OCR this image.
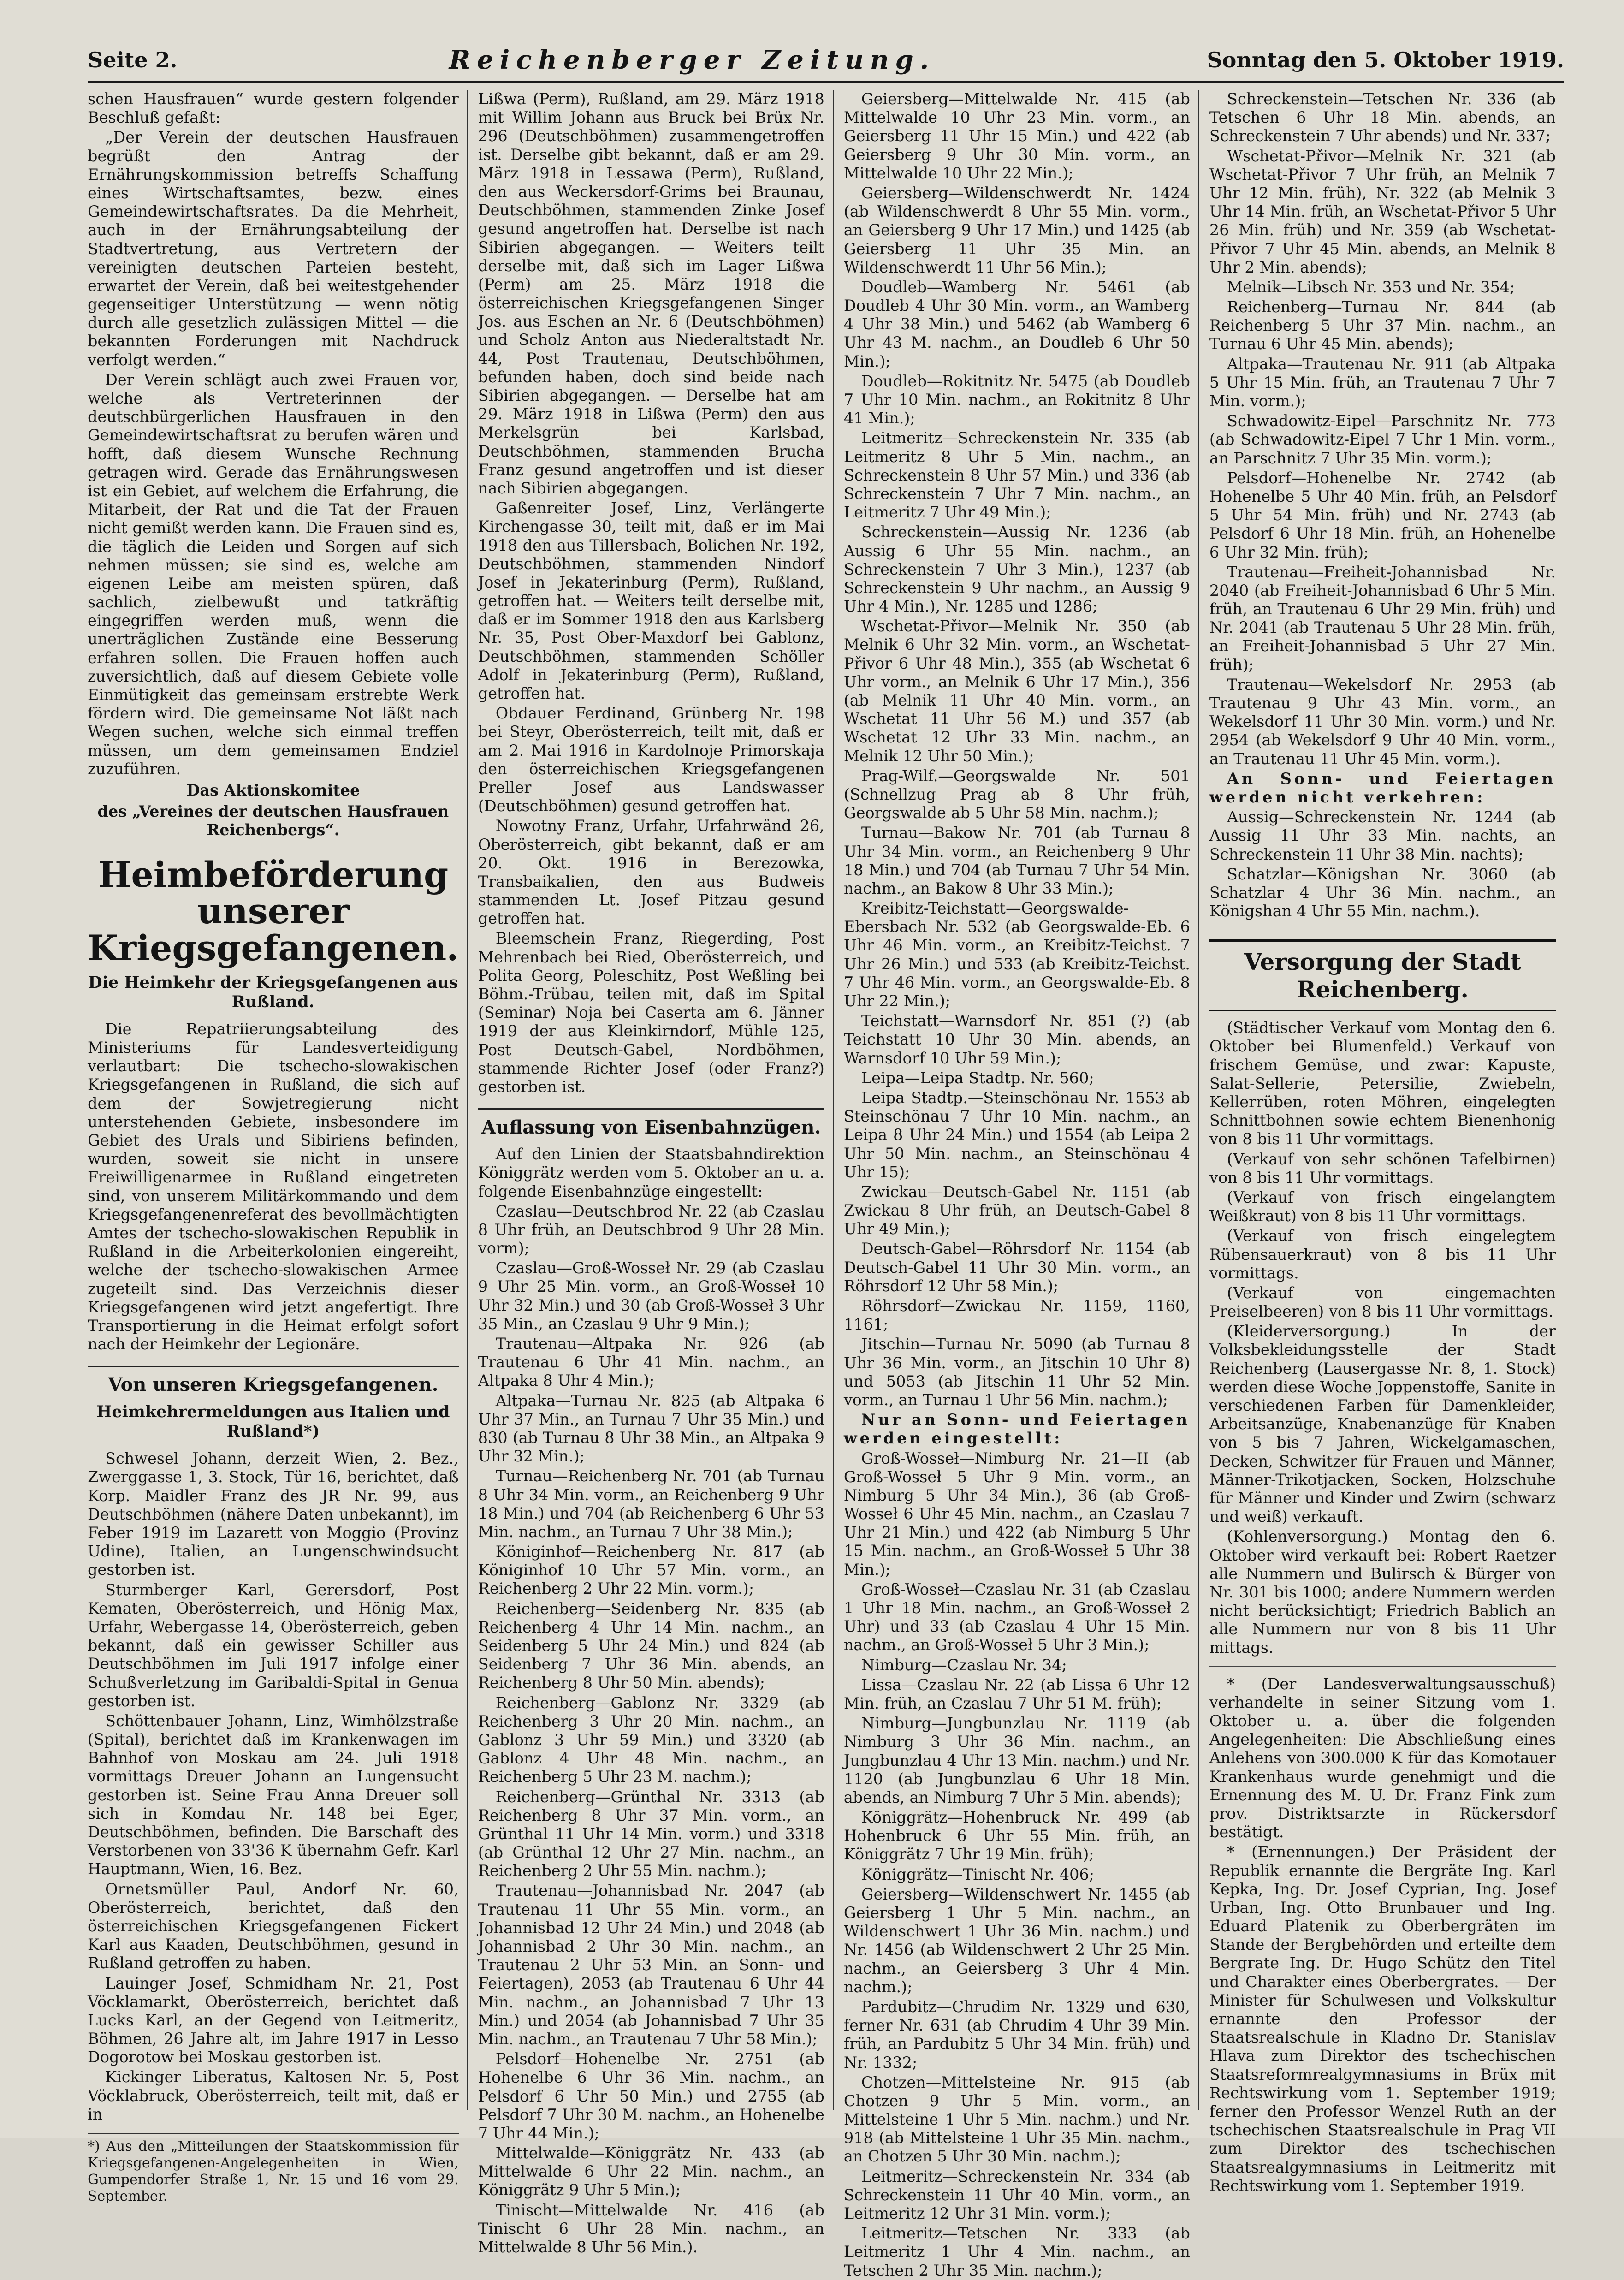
Seite 2.	Reichenberger Zeitung.	Sonntag den 5. Oktober 1919.

schen Hausfrauen“ wurde gestern folgender Beschluß gefaßt:

„Der Verein der deutschen Hausfrauen begrüßt den Antrag der Ernährungskommission betreffs Schaffung eines Wirtschaftsamtes, bezw. eines Gemeindewirtschaftsrates. Da die Mehrheit, auch in der Ernährungsabteilung der Stadtvertretung, aus Vertretern der vereinigten deutschen Parteien besteht, erwartet der Verein, daß bei weitestgehender gegenseitiger Unterstützung — wenn nötig durch alle gesetzlich zulässigen Mittel — die bekannten Forderungen mit Nachdruck verfolgt werden.“

Der Verein schlägt auch zwei Frauen vor, welche als Vertreterinnen der deutschbürgerlichen Hausfrauen in den Gemeindewirtschaftsrat zu berufen wären und hofft, daß diesem Wunsche Rechnung getragen wird. Gerade das Ernährungswesen ist ein Gebiet, auf welchem die Erfahrung, die Mitarbeit, der Rat und die Tat der Frauen nicht gemißt werden kann. Die Frauen sind es, die täglich die Leiden und Sorgen auf sich nehmen müssen; sie sind es, welche am eigenen Leibe am meisten spüren, daß sachlich, zielbewußt und tatkräftig eingegriffen werden muß, wenn die unerträglichen Zustände eine Besserung erfahren sollen. Die Frauen hoffen auch zuversichtlich, daß auf diesem Gebiete volle Einmütigkeit das gemeinsam erstrebte Werk fördern wird. Die gemeinsame Not läßt nach Wegen suchen, welche sich einmal treffen müssen, um dem gemeinsamen Endziel zuzuführen.

Das Aktionskomitee
des „Vereines der deutschen Hausfrauen Reichenbergs“.
Heimbeförderung unserer Kriegsgefangenen.
Die Heimkehr der Kriegsgefangenen aus Rußland.

Die Repatriierungsabteilung des Ministeriums für Landesverteidigung verlautbart: Die tschecho-slowakischen Kriegsgefangenen in Rußland, die sich auf dem der Sowjetregierung nicht unterstehenden Gebiete, insbesondere im Gebiet des Urals und Sibiriens befinden, wurden, soweit sie nicht in unsere Freiwilligenarmee in Rußland eingetreten sind, von unserem Militärkommando und dem Kriegsgefangenenreferat des bevollmächtigten Amtes der tschecho-slowakischen Republik in Rußland in die Arbeiterkolonien eingereiht, welche der tschecho-slowakischen Armee zugeteilt sind. Das Verzeichnis dieser Kriegsgefangenen wird jetzt angefertigt. Ihre Transportierung in die Heimat erfolgt sofort nach der Heimkehr der Legionäre.

Von unseren Kriegsgefangenen.
Heimkehrermeldungen aus Italien und Rußland*)

Schwesel Johann, derzeit Wien, 2. Bez., Zwerggasse 1, 3. Stock, Tür 16, berichtet, daß Korp. Maidler Franz des JR Nr. 99, aus Deutschböhmen (nähere Daten unbekannt), im Feber 1919 im Lazarett von Moggio (Provinz Udine), Italien, an Lungenschwindsucht gestorben ist.

Sturmberger Karl, Gerersdorf, Post Kematen, Oberösterreich, und Hönig Max, Urfahr, Webergasse 14, Oberösterreich, geben bekannt, daß ein gewisser Schiller aus Deutschböhmen im Juli 1917 infolge einer Schußverletzung im Garibaldi-Spital in Genua gestorben ist.

Schöttenbauer Johann, Linz, Wimhölzstraße (Spital), berichtet daß im Krankenwagen im Bahnhof von Moskau am 24. Juli 1918 vormittags Dreuer Johann an Lungensucht gestorben ist. Seine Frau Anna Dreuer soll sich in Komdau Nr. 148 bei Eger, Deutschböhmen, befinden. Die Barschaft des Verstorbenen von 33'36 K übernahm Gefr. Karl Hauptmann, Wien, 16. Bez.

Ornetsmüller Paul, Andorf Nr. 60, Oberösterreich, berichtet, daß den österreichischen Kriegsgefangenen Fickert Karl aus Kaaden, Deutschböhmen, gesund in Rußland getroffen zu haben.

Lauinger Josef, Schmidham Nr. 21, Post Vöcklamarkt, Oberösterreich, berichtet daß Lucks Karl, an der Gegend von Leitmeritz, Böhmen, 26 Jahre alt, im Jahre 1917 in Lesso Dogorotow bei Moskau gestorben ist.

Kickinger Liberatus, Kaltosen Nr. 5, Post Vöcklabruck, Oberösterreich, teilt mit, daß er in

*) Aus den „Mitteilungen der Staatskommission für Kriegsgefangenen-Angelegenheiten in Wien, Gumpendorfer Straße 1, Nr. 15 und 16 vom 29. September.

Lißwa (Perm), Rußland, am 29. März 1918 mit Willim Johann aus Bruck bei Brüx Nr. 296 (Deutschböhmen) zusammengetroffen ist. Derselbe gibt bekannt, daß er am 29. März 1918 in Lessawa (Perm), Rußland, den aus Weckersdorf-Grims bei Braunau, Deutschböhmen, stammenden Zinke Josef gesund angetroffen hat. Derselbe ist nach Sibirien abgegangen. — Weiters teilt derselbe mit, daß sich im Lager Lißwa (Perm) am 25. März 1918 die österreichischen Kriegsgefangenen Singer Jos. aus Eschen an Nr. 6 (Deutschböhmen) und Scholz Anton aus Niederaltstadt Nr. 44, Post Trautenau, Deutschböhmen, befunden haben, doch sind beide nach Sibirien abgegangen. — Derselbe hat am 29. März 1918 in Lißwa (Perm) den aus Merkelsgrün bei Karlsbad, Deutschböhmen, stammenden Brucha Franz gesund angetroffen und ist dieser nach Sibirien abgegangen.

Gaßenreiter Josef, Linz, Verlängerte Kirchengasse 30, teilt mit, daß er im Mai 1918 den aus Tillersbach, Bolichen Nr. 192, Deutschböhmen, stammenden Nindorf Josef in Jekaterinburg (Perm), Rußland, getroffen hat. — Weiters teilt derselbe mit, daß er im Sommer 1918 den aus Karlsberg Nr. 35, Post Ober-Maxdorf bei Gablonz, Deutschböhmen, stammenden Schöller Adolf in Jekaterinburg (Perm), Rußland, getroffen hat.

Obdauer Ferdinand, Grünberg Nr. 198 bei Steyr, Oberösterreich, teilt mit, daß er am 2. Mai 1916 in Kardolnoje Primorskaja den österreichischen Kriegsgefangenen Preller Josef aus Landswasser (Deutschböhmen) gesund getroffen hat.

Nowotny Franz, Urfahr, Urfahrwänd 26, Oberösterreich, gibt bekannt, daß er am 20. Okt. 1916 in Berezowka, Transbaikalien, den aus Budweis stammenden Lt. Josef Pitzau gesund getroffen hat.

Bleemschein Franz, Riegerding, Post Mehrenbach bei Ried, Oberösterreich, und Polita Georg, Poleschitz, Post Weßling bei Böhm.-Trübau, teilen mit, daß im Spital (Seminar) Noja bei Caserta am 6. Jänner 1919 der aus Kleinkirndorf, Mühle 125, Post Deutsch-Gabel, Nordböhmen, stammende Richter Josef (oder Franz?) gestorben ist.

Auflassung von Eisenbahnzügen.

Auf den Linien der Staatsbahndirektion Königgrätz werden vom 5. Oktober an u. a. folgende Eisenbahnzüge eingestellt:

Czaslau—Deutschbrod Nr. 22 (ab Czaslau 8 Uhr früh, an Deutschbrod 9 Uhr 28 Min. vorm);

Czaslau—Groß-Wosseł Nr. 29 (ab Czaslau 9 Uhr 25 Min. vorm., an Groß-Wosseł 10 Uhr 32 Min.) und 30 (ab Groß-Wosseł 3 Uhr 35 Min., an Czaslau 9 Uhr 9 Min.);

Trautenau—Altpaka Nr. 926 (ab Trautenau 6 Uhr 41 Min. nachm., an Altpaka 8 Uhr 4 Min.);

Altpaka—Turnau Nr. 825 (ab Altpaka 6 Uhr 37 Min., an Turnau 7 Uhr 35 Min.) und 830 (ab Turnau 8 Uhr 38 Min., an Altpaka 9 Uhr 32 Min.);

Turnau—Reichenberg Nr. 701 (ab Turnau 8 Uhr 34 Min. vorm., an Reichenberg 9 Uhr 18 Min.) und 704 (ab Reichenberg 6 Uhr 53 Min. nachm., an Turnau 7 Uhr 38 Min.);

Königinhof—Reichenberg Nr. 817 (ab Königinhof 10 Uhr 57 Min. vorm., an Reichenberg 2 Uhr 22 Min. vorm.);

Reichenberg—Seidenberg Nr. 835 (ab Reichenberg 4 Uhr 14 Min. nachm., an Seidenberg 5 Uhr 24 Min.) und 824 (ab Seidenberg 7 Uhr 36 Min. abends, an Reichenberg 8 Uhr 50 Min. abends);

Reichenberg—Gablonz Nr. 3329 (ab Reichenberg 3 Uhr 20 Min. nachm., an Gablonz 3 Uhr 59 Min.) und 3320 (ab Gablonz 4 Uhr 48 Min. nachm., an Reichenberg 5 Uhr 23 M. nachm.);

Reichenberg—Grünthal Nr. 3313 (ab Reichenberg 8 Uhr 37 Min. vorm., an Grünthal 11 Uhr 14 Min. vorm.) und 3318 (ab Grünthal 12 Uhr 27 Min. nachm., an Reichenberg 2 Uhr 55 Min. nachm.);

Trautenau—Johannisbad Nr. 2047 (ab Trautenau 11 Uhr 55 Min. vorm., an Johannisbad 12 Uhr 24 Min.) und 2048 (ab Johannisbad 2 Uhr 30 Min. nachm., an Trautenau 2 Uhr 53 Min. an Sonn- und Feiertagen), 2053 (ab Trautenau 6 Uhr 44 Min. nachm., an Johannisbad 7 Uhr 13 Min.) und 2054 (ab Johannisbad 7 Uhr 35 Min. nachm., an Trautenau 7 Uhr 58 Min.);

Pelsdorf—Hohenelbe Nr. 2751 (ab Hohenelbe 6 Uhr 36 Min. nachm., an Pelsdorf 6 Uhr 50 Min.) und 2755 (ab Pelsdorf 7 Uhr 30 M. nachm., an Hohenelbe 7 Uhr 44 Min.);

Mittelwalde—Königgrätz Nr. 433 (ab Mittelwalde 6 Uhr 22 Min. nachm., an Königgrätz 9 Uhr 5 Min.);

Tinischt—Mittelwalde Nr. 416 (ab Tinischt 6 Uhr 28 Min. nachm., an Mittelwalde 8 Uhr 56 Min.).

Geiersberg—Mittelwalde Nr. 415 (ab Mittelwalde 10 Uhr 23 Min. vorm., an Geiersberg 11 Uhr 15 Min.) und 422 (ab Geiersberg 9 Uhr 30 Min. vorm., an Mittelwalde 10 Uhr 22 Min.);

Geiersberg—Wildenschwerdt Nr. 1424 (ab Wildenschwerdt 8 Uhr 55 Min. vorm., an Geiersberg 9 Uhr 17 Min.) und 1425 (ab Geiersberg 11 Uhr 35 Min. an Wildenschwerdt 11 Uhr 56 Min.);

Doudleb—Wamberg Nr. 5461 (ab Doudleb 4 Uhr 30 Min. vorm., an Wamberg 4 Uhr 38 Min.) und 5462 (ab Wamberg 6 Uhr 43 M. nachm., an Doudleb 6 Uhr 50 Min.);

Doudleb—Rokitnitz Nr. 5475 (ab Doudleb 7 Uhr 10 Min. nachm., an Rokitnitz 8 Uhr 41 Min.);

Leitmeritz—Schreckenstein Nr. 335 (ab Leitmeritz 8 Uhr 5 Min. nachm., an Schreckenstein 8 Uhr 57 Min.) und 336 (ab Schreckenstein 7 Uhr 7 Min. nachm., an Leitmeritz 7 Uhr 49 Min.);

Schreckenstein—Aussig Nr. 1236 (ab Aussig 6 Uhr 55 Min. nachm., an Schreckenstein 7 Uhr 3 Min.), 1237 (ab Schreckenstein 9 Uhr nachm., an Aussig 9 Uhr 4 Min.), Nr. 1285 und 1286;

Wschetat-Přivor—Melnik Nr. 350 (ab Melnik 6 Uhr 32 Min. vorm., an Wschetat-Přivor 6 Uhr 48 Min.), 355 (ab Wschetat 6 Uhr vorm., an Melnik 6 Uhr 17 Min.), 356 (ab Melnik 11 Uhr 40 Min. vorm., an Wschetat 11 Uhr 56 M.) und 357 (ab Wschetat 12 Uhr 33 Min. nachm., an Melnik 12 Uhr 50 Min.);

Prag-Wilf.—Georgswalde Nr. 501 (Schnellzug Prag ab 8 Uhr früh, Georgswalde ab 5 Uhr 58 Min. nachm.);

Turnau—Bakow Nr. 701 (ab Turnau 8 Uhr 34 Min. vorm., an Reichenberg 9 Uhr 18 Min.) und 704 (ab Turnau 7 Uhr 54 Min. nachm., an Bakow 8 Uhr 33 Min.);

Kreibitz-Teichstatt—Georgswalde-Ebersbach Nr. 532 (ab Georgswalde-Eb. 6 Uhr 46 Min. vorm., an Kreibitz-Teichst. 7 Uhr 26 Min.) und 533 (ab Kreibitz-Teichst. 7 Uhr 46 Min. vorm., an Georgswalde-Eb. 8 Uhr 22 Min.);

Teichstatt—Warnsdorf Nr. 851 (?) (ab Teichstatt 10 Uhr 30 Min. abends, an Warnsdorf 10 Uhr 59 Min.);

Leipa—Leipa Stadtp. Nr. 560;

Leipa Stadtp.—Steinschönau Nr. 1553 ab Steinschönau 7 Uhr 10 Min. nachm., an Leipa 8 Uhr 24 Min.) und 1554 (ab Leipa 2 Uhr 50 Min. nachm., an Steinschönau 4 Uhr 15);

Zwickau—Deutsch-Gabel Nr. 1151 (ab Zwickau 8 Uhr früh, an Deutsch-Gabel 8 Uhr 49 Min.);

Deutsch-Gabel—Röhrsdorf Nr. 1154 (ab Deutsch-Gabel 11 Uhr 30 Min. vorm., an Röhrsdorf 12 Uhr 58 Min.);

Röhrsdorf—Zwickau Nr. 1159, 1160, 1161;

Jitschin—Turnau Nr. 5090 (ab Turnau 8 Uhr 36 Min. vorm., an Jitschin 10 Uhr 8) und 5053 (ab Jitschin 11 Uhr 52 Min. vorm., an Turnau 1 Uhr 56 Min. nachm.);

Nur an Sonn- und Feiertagen werden eingestellt:

Groß-Wosseł—Nimburg Nr. 21—II (ab Groß-Wosseł 5 Uhr 9 Min. vorm., an Nimburg 5 Uhr 34 Min.), 36 (ab Groß-Wosseł 6 Uhr 45 Min. nachm., an Czaslau 7 Uhr 21 Min.) und 422 (ab Nimburg 5 Uhr 15 Min. nachm., an Groß-Wosseł 5 Uhr 38 Min.);

Groß-Wosseł—Czaslau Nr. 31 (ab Czaslau 1 Uhr 18 Min. nachm., an Groß-Wosseł 2 Uhr) und 33 (ab Czaslau 4 Uhr 15 Min. nachm., an Groß-Wosseł 5 Uhr 3 Min.);

Nimburg—Czaslau Nr. 34;

Lissa—Czaslau Nr. 22 (ab Lissa 6 Uhr 12 Min. früh, an Czaslau 7 Uhr 51 M. früh);

Nimburg—Jungbunzlau Nr. 1119 (ab Nimburg 3 Uhr 36 Min. nachm., an Jungbunzlau 4 Uhr 13 Min. nachm.) und Nr. 1120 (ab Jungbunzlau 6 Uhr 18 Min. abends, an Nimburg 7 Uhr 5 Min. abends);

Königgrätz—Hohenbruck Nr. 499 (ab Hohenbruck 6 Uhr 55 Min. früh, an Königgrätz 7 Uhr 19 Min. früh);

Königgrätz—Tinischt Nr. 406;

Geiersberg—Wildenschwert Nr. 1455 (ab Geiersberg 1 Uhr 5 Min. nachm., an Wildenschwert 1 Uhr 36 Min. nachm.) und Nr. 1456 (ab Wildenschwert 2 Uhr 25 Min. nachm., an Geiersberg 3 Uhr 4 Min. nachm.);

Pardubitz—Chrudim Nr. 1329 und 630, ferner Nr. 631 (ab Chrudim 4 Uhr 39 Min. früh, an Pardubitz 5 Uhr 34 Min. früh) und Nr. 1332;

Chotzen—Mittelsteine Nr. 915 (ab Chotzen 9 Uhr 5 Min. vorm., an Mittelsteine 1 Uhr 5 Min. nachm.) und Nr. 918 (ab Mittelsteine 1 Uhr 35 Min. nachm., an Chotzen 5 Uhr 30 Min. nachm.);

Leitmeritz—Schreckenstein Nr. 334 (ab Schreckenstein 11 Uhr 40 Min. vorm., an Leitmeritz 12 Uhr 31 Min. vorm.);

Leitmeritz—Tetschen Nr. 333 (ab Leitmeritz 1 Uhr 4 Min. nachm., an Tetschen 2 Uhr 35 Min. nachm.);

Schreckenstein—Tetschen Nr. 336 (ab Tetschen 6 Uhr 18 Min. abends, an Schreckenstein 7 Uhr abends) und Nr. 337;

Wschetat-Přivor—Melnik Nr. 321 (ab Wschetat-Přivor 7 Uhr früh, an Melnik 7 Uhr 12 Min. früh), Nr. 322 (ab Melnik 3 Uhr 14 Min. früh, an Wschetat-Přivor 5 Uhr 26 Min. früh) und Nr. 359 (ab Wschetat-Přivor 7 Uhr 45 Min. abends, an Melnik 8 Uhr 2 Min. abends);

Melnik—Libsch Nr. 353 und Nr. 354;

Reichenberg—Turnau Nr. 844 (ab Reichenberg 5 Uhr 37 Min. nachm., an Turnau 6 Uhr 45 Min. abends);

Altpaka—Trautenau Nr. 911 (ab Altpaka 5 Uhr 15 Min. früh, an Trautenau 7 Uhr 7 Min. vorm.);

Schwadowitz-Eipel—Parschnitz Nr. 773 (ab Schwadowitz-Eipel 7 Uhr 1 Min. vorm., an Parschnitz 7 Uhr 35 Min. vorm.);

Pelsdorf—Hohenelbe Nr. 2742 (ab Hohenelbe 5 Uhr 40 Min. früh, an Pelsdorf 5 Uhr 54 Min. früh) und Nr. 2743 (ab Pelsdorf 6 Uhr 18 Min. früh, an Hohenelbe 6 Uhr 32 Min. früh);

Trautenau—Freiheit-Johannisbad Nr. 2040 (ab Freiheit-Johannisbad 6 Uhr 5 Min. früh, an Trautenau 6 Uhr 29 Min. früh) und Nr. 2041 (ab Trautenau 5 Uhr 28 Min. früh, an Freiheit-Johannisbad 5 Uhr 27 Min. früh);

Trautenau—Wekelsdorf Nr. 2953 (ab Trautenau 9 Uhr 43 Min. vorm., an Wekelsdorf 11 Uhr 30 Min. vorm.) und Nr. 2954 (ab Wekelsdorf 9 Uhr 40 Min. vorm., an Trautenau 11 Uhr 45 Min. vorm.).

An Sonn- und Feiertagen werden nicht verkehren:

Aussig—Schreckenstein Nr. 1244 (ab Aussig 11 Uhr 33 Min. nachts, an Schreckenstein 11 Uhr 38 Min. nachts);

Schatzlar—Königshan Nr. 3060 (ab Schatzlar 4 Uhr 36 Min. nachm., an Königshan 4 Uhr 55 Min. nachm.).

Versorgung der Stadt Reichenberg.

(Städtischer Verkauf vom Montag den 6. Oktober bei Blumenfeld.) Verkauf von frischem Gemüse, und zwar: Kapuste, Salat-Sellerie, Petersilie, Zwiebeln, Kellerrüben, roten Möhren, eingelegten Schnittbohnen sowie echtem Bienenhonig von 8 bis 11 Uhr vormittags.

(Verkauf von sehr schönen Tafelbirnen) von 8 bis 11 Uhr vormittags.

(Verkauf von frisch eingelangtem Weißkraut) von 8 bis 11 Uhr vormittags.

(Verkauf von frisch eingelegtem Rübensauerkraut) von 8 bis 11 Uhr vormittags.

(Verkauf von eingemachten Preiselbeeren) von 8 bis 11 Uhr vormittags.

(Kleiderversorgung.) In der Volksbekleidungsstelle der Stadt Reichenberg (Lausergasse Nr. 8, 1. Stock) werden diese Woche Joppenstoffe, Sanite in verschiedenen Farben für Damenkleider, Arbeitsanzüge, Knabenanzüge für Knaben von 5 bis 7 Jahren, Wickelgamaschen, Decken, Schwitzer für Frauen und Männer, Männer-Trikotjacken, Socken, Holzschuhe für Männer und Kinder und Zwirn (schwarz und weiß) verkauft.

(Kohlenversorgung.) Montag den 6. Oktober wird verkauft bei: Robert Raetzer alle Nummern und Bulirsch & Bürger von Nr. 301 bis 1000; andere Nummern werden nicht berücksichtigt; Friedrich Bablich an alle Nummern nur von 8 bis 11 Uhr mittags.

* (Der Landesverwaltungsausschuß) verhandelte in seiner Sitzung vom 1. Oktober u. a. über die folgenden Angelegenheiten: Die Abschließung eines Anlehens von 300.000 K für das Komotauer Krankenhaus wurde genehmigt und die Ernennung des M. U. Dr. Franz Fink zum prov. Distriktsarzte in Rückersdorf bestätigt.

* (Ernennungen.) Der Präsident der Republik ernannte die Bergräte Ing. Karl Kepka, Ing. Dr. Josef Cyprian, Ing. Josef Urban, Ing. Otto Brunbauer und Ing. Eduard Platenik zu Oberbergräten im Stande der Bergbehörden und erteilte dem Bergrate Ing. Dr. Hugo Schütz den Titel und Charakter eines Oberbergrates. — Der Minister für Schulwesen und Volkskultur ernannte den Professor der Staatsrealschule in Kladno Dr. Stanislav Hlava zum Direktor des tschechischen Staatsreformrealgymnasiums in Brüx mit Rechtswirkung vom 1. September 1919; ferner den Professor Wenzel Ruth an der tschechischen Staatsrealschule in Prag VII zum Direktor des tschechischen Staatsrealgymnasiums in Leitmeritz mit Rechtswirkung vom 1. September 1919.
